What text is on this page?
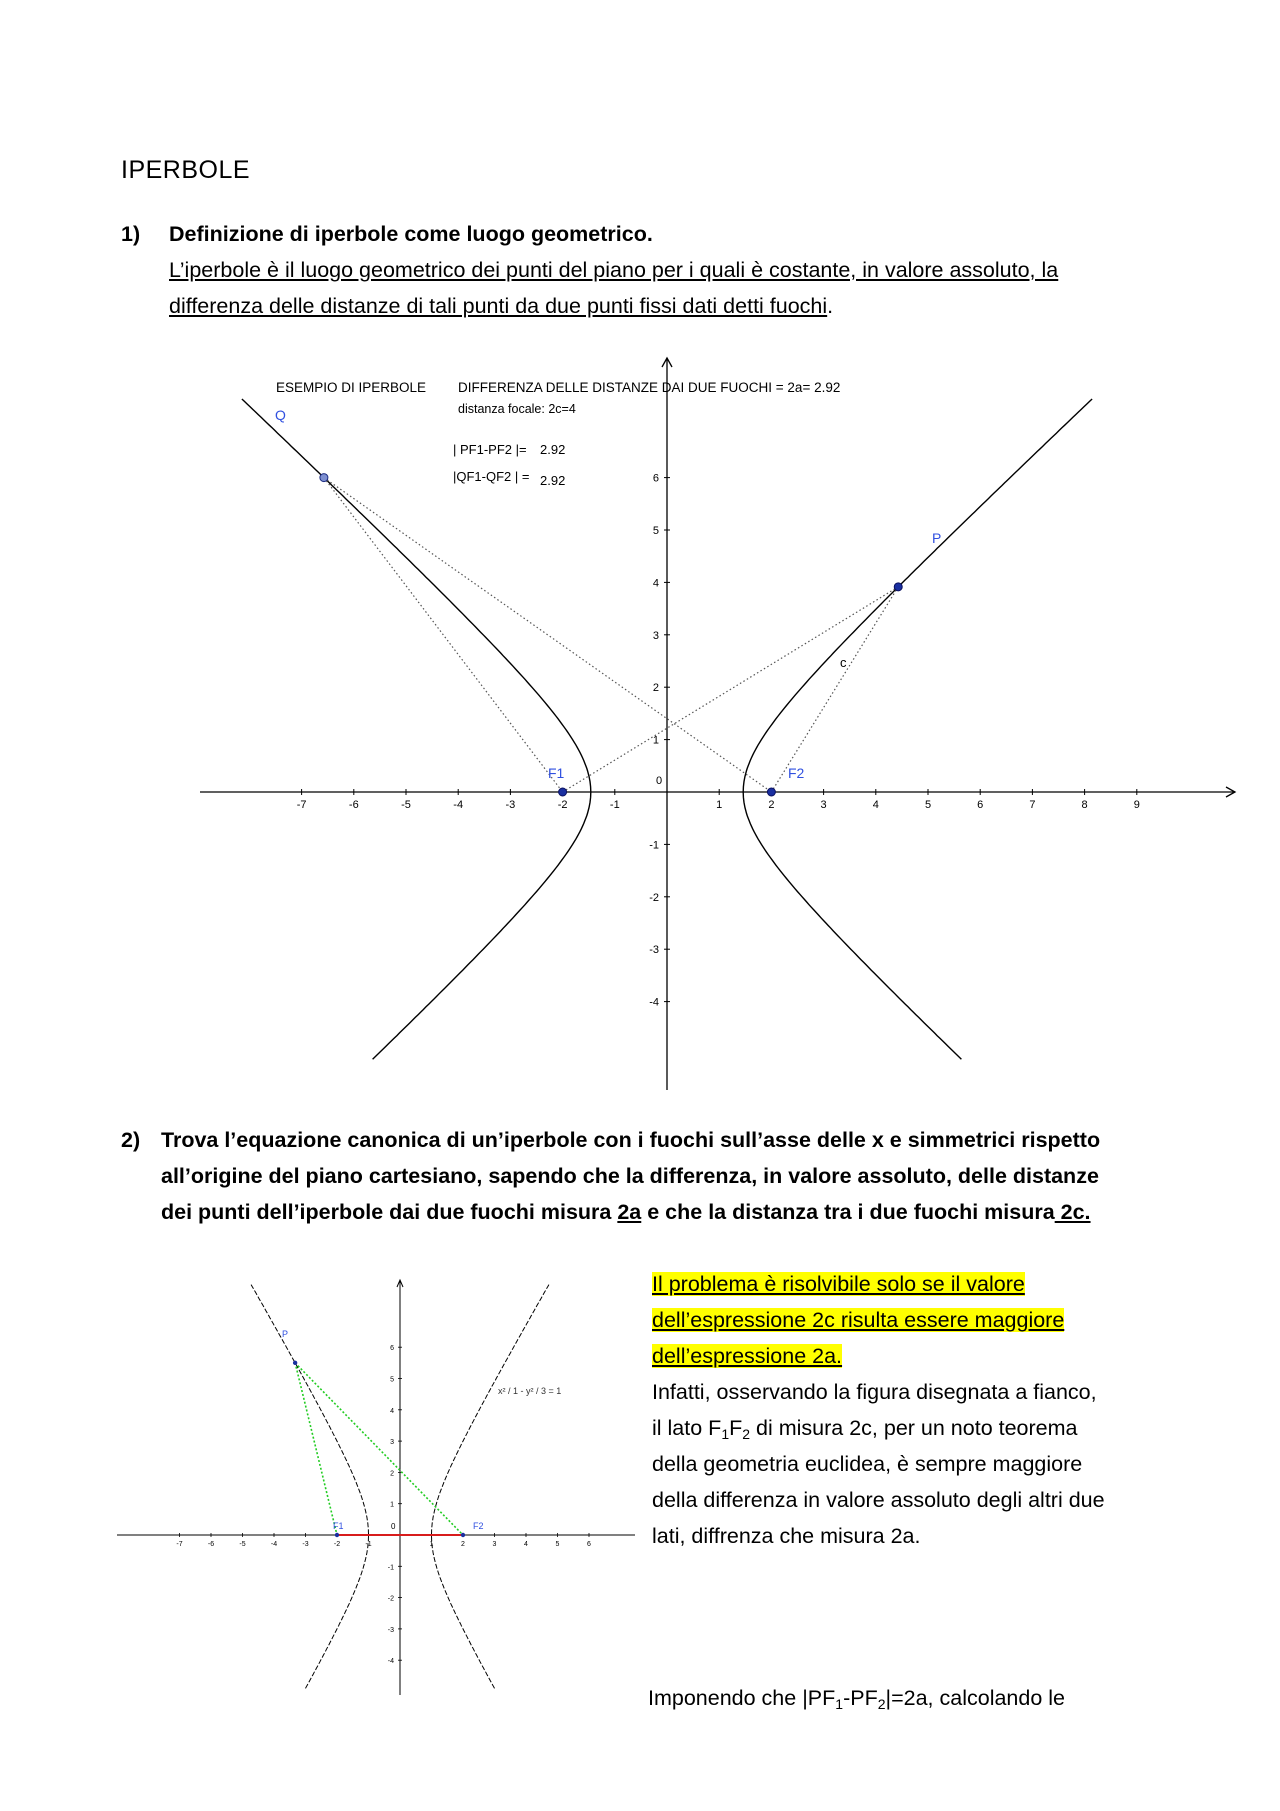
IPERBOLE
1) Definizione di iperbole come luogo geometrico.
L’iperbole è il luogo geometrico dei punti del piano per i quali è costante, in valore assoluto, la
differenza delle distanze di tali punti da due punti fissi dati detti fuochi.
-7	-6	-5	-4	-3	-2	-1	1	2	3	4	5	6	7	8	9
6
5
4
3
2
1
-1
-2
-3
-4
ESEMPIO DI IPERBOLE DIFFERENZA DELLE DISTANZE DAI DUE FUOCHI = 2a= 2.92
distanza focale: 2c=4
| PF1-PF2 |= 2.92
|QF1-QF2 | = 2.92
Q
P
F1	F2
c
0
2) Trova l’equazione canonica di un’iperbole con i fuochi sull’asse delle x e simmetrici rispetto
all’origine del piano cartesiano, sapendo che la differenza, in valore assoluto, delle distanze
dei punti dell’iperbole dai due fuochi misura 2a e che la distanza tra i due fuochi misura 2c.
-7	-6	-5	-4	-3	-2	-1	1	2	3	4	5	6
6
5
4
3
2
1
-1
-2
-3
-4
x² / 1 - y² / 3 = 1
P
F1	F2
0
Il problema è risolvibile solo se il valore
dell’espressione 2c risulta essere maggiore
dell’espressione 2a.
Infatti, osservando la figura disegnata a fianco,
il lato $F_1F_2$ di misura 2c, per un noto teorema
della geometria euclidea, è sempre maggiore
della differenza in valore assoluto degli altri due
lati, diffrenza che misura 2a.
Imponendo che $|PF_1-PF_2|=2a$, calcolando le
